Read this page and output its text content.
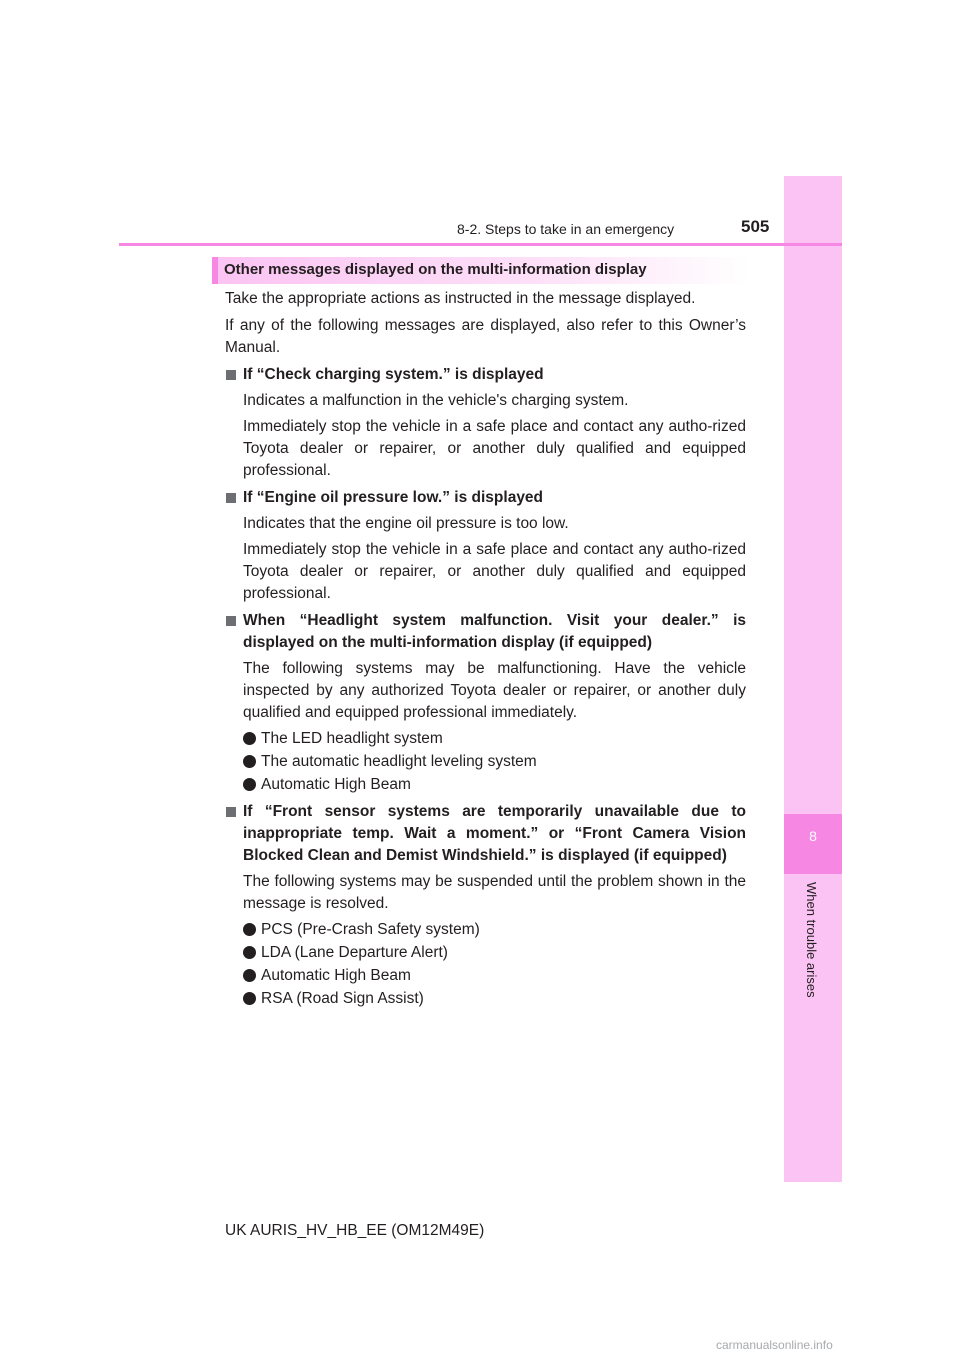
8
When trouble arises
8-2. Steps to take in an emergency	505
Other messages displayed on the multi-information display

Take the appropriate actions as instructed in the message displayed.

If any of the following messages are displayed, also refer to this Owner’s Manual.

If “Check charging system.” is displayed

Indicates a malfunction in the vehicle's charging system.

Immediately stop the vehicle in a safe place and contact any autho-rized Toyota dealer or repairer, or another duly qualified and equipped professional.

If “Engine oil pressure low.” is displayed

Indicates that the engine oil pressure is too low.

Immediately stop the vehicle in a safe place and contact any autho-rized Toyota dealer or repairer, or another duly qualified and equipped professional.

When “Headlight system malfunction. Visit your dealer.” is displayed on the multi-information display (if equipped)

The following systems may be malfunctioning. Have the vehicle inspected by any authorized Toyota dealer or repairer, or another duly qualified and equipped professional immediately.

The LED headlight system
The automatic headlight leveling system
Automatic High Beam

If “Front sensor systems are temporarily unavailable due to inappropriate temp. Wait a moment.” or “Front Camera Vision Blocked Clean and Demist Windshield.” is displayed (if equipped)

The following systems may be suspended until the problem shown in the message is resolved.

PCS (Pre-Crash Safety system)
LDA (Lane Departure Alert)
Automatic High Beam
RSA (Road Sign Assist)
UK AURIS_HV_HB_EE (OM12M49E)
carmanualsonline.info
